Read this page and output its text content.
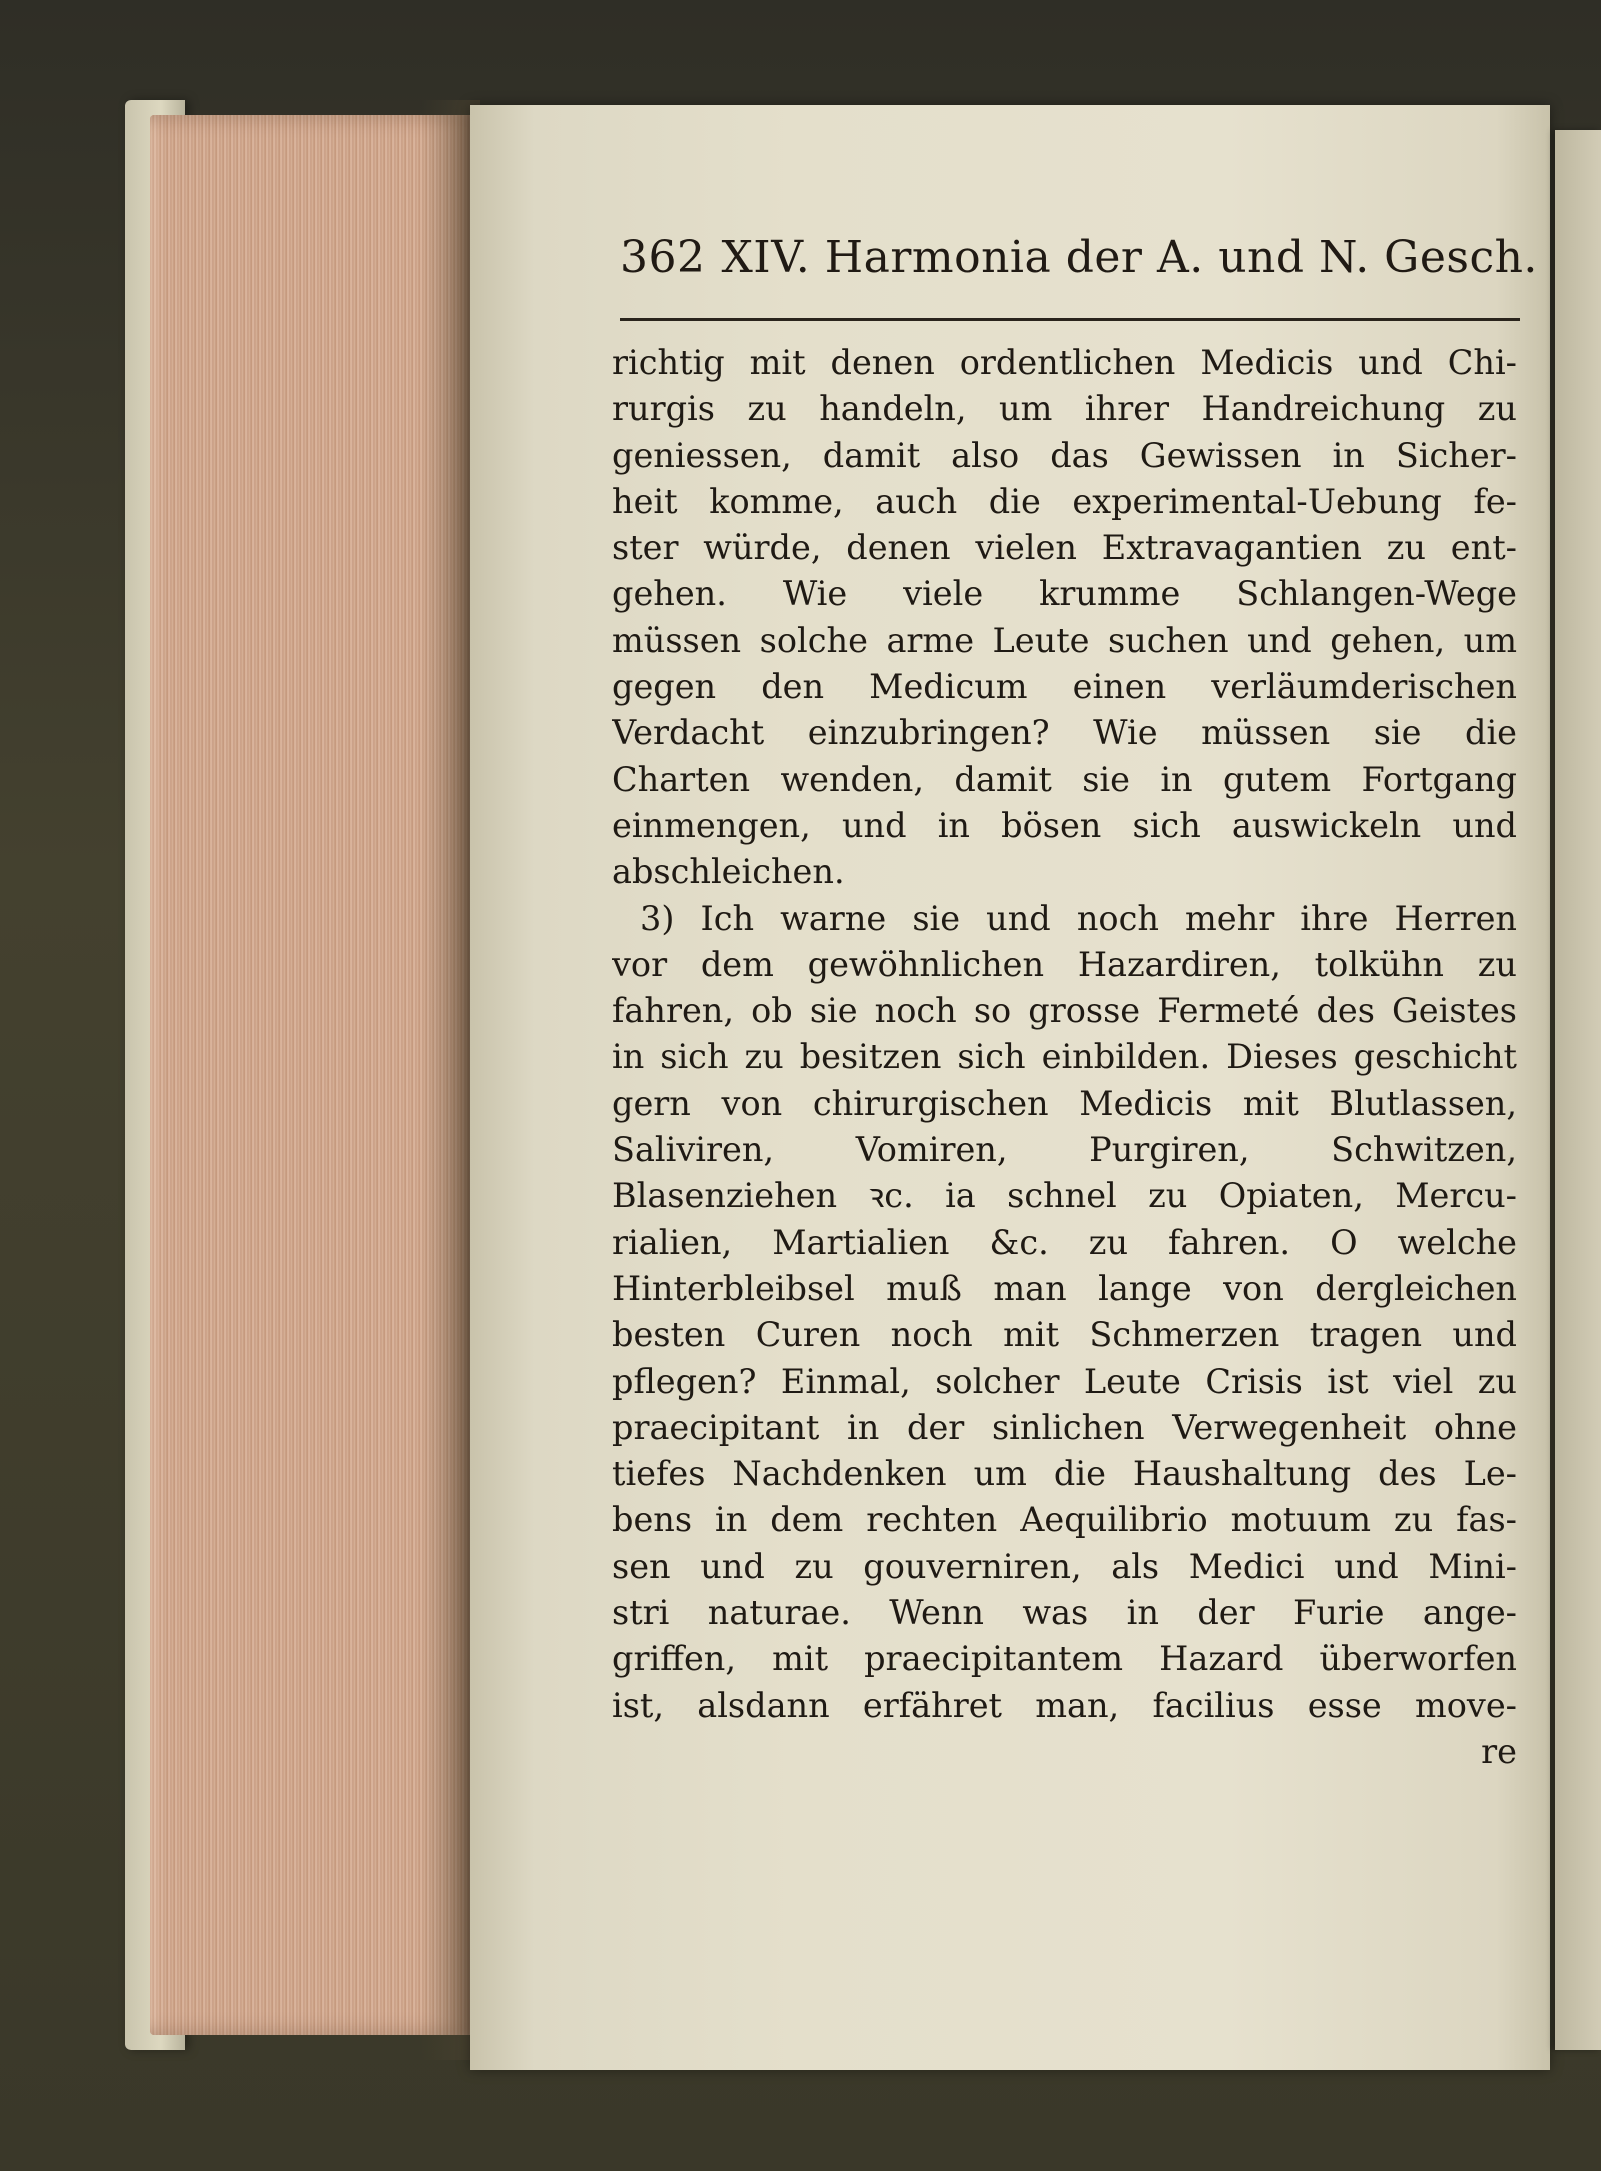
362 XIV. Harmonia der A. und N. Gesch.
richtig mit denen ordentlichen Medicis und Chi-
rurgis zu handeln, um ihrer Handreichung zu
geniessen, damit also das Gewissen in Sicher-
heit komme, auch die experimental-Uebung fe-
ster würde, denen vielen Extravagantien zu ent-
gehen. Wie viele krumme Schlangen-Wege
müssen solche arme Leute suchen und gehen, um
gegen den Medicum einen verläumderischen
Verdacht einzubringen? Wie müssen sie die
Charten wenden, damit sie in gutem Fortgang
einmengen, und in bösen sich auswickeln und
abschleichen.
3) Ich warne sie und noch mehr ihre Herren
vor dem gewöhnlichen Hazardiren, tolkühn zu
fahren, ob sie noch so grosse Fermeté des Geistes
in sich zu besitzen sich einbilden. Dieses geschicht
gern von chirurgischen Medicis mit Blutlassen,
Saliviren, Vomiren, Purgiren, Schwitzen,
Blasenziehen ꝛc. ia schnel zu Opiaten, Mercu-
rialien, Martialien &c. zu fahren. O welche
Hinterbleibsel muß man lange von dergleichen
besten Curen noch mit Schmerzen tragen und
pflegen? Einmal, solcher Leute Crisis ist viel zu
praecipitant in der sinlichen Verwegenheit ohne
tiefes Nachdenken um die Haushaltung des Le-
bens in dem rechten Aequilibrio motuum zu fas-
sen und zu gouverniren, als Medici und Mini-
stri naturae. Wenn was in der Furie ange-
griffen, mit praecipitantem Hazard überworfen
ist, alsdann erfähret man, facilius esse move-
re
